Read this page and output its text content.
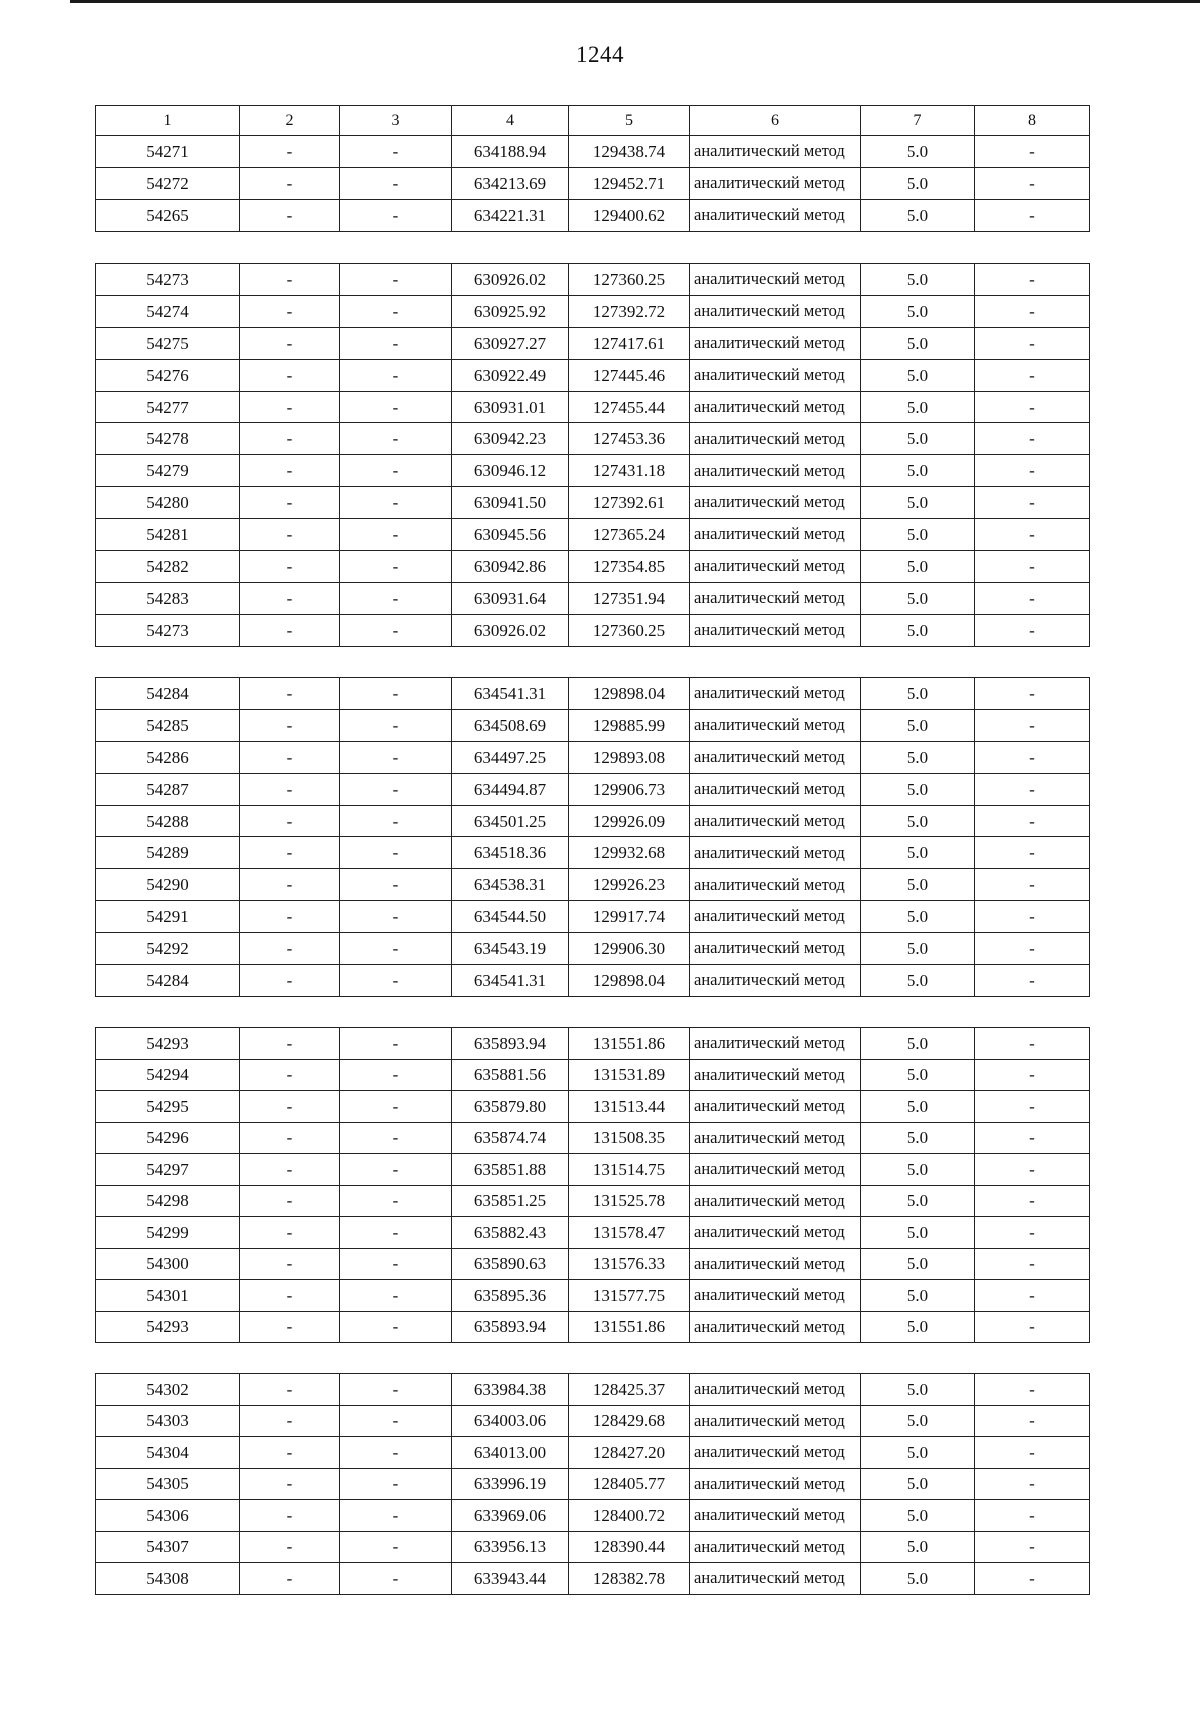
1244
1	2	3	4	5	6	7	8
54271	-	-	634188.94	129438.74	аналитический метод	5.0	-
54272	-	-	634213.69	129452.71	аналитический метод	5.0	-
54265	-	-	634221.31	129400.62	аналитический метод	5.0	-
54273	-	-	630926.02	127360.25	аналитический метод	5.0	-
54274	-	-	630925.92	127392.72	аналитический метод	5.0	-
54275	-	-	630927.27	127417.61	аналитический метод	5.0	-
54276	-	-	630922.49	127445.46	аналитический метод	5.0	-
54277	-	-	630931.01	127455.44	аналитический метод	5.0	-
54278	-	-	630942.23	127453.36	аналитический метод	5.0	-
54279	-	-	630946.12	127431.18	аналитический метод	5.0	-
54280	-	-	630941.50	127392.61	аналитический метод	5.0	-
54281	-	-	630945.56	127365.24	аналитический метод	5.0	-
54282	-	-	630942.86	127354.85	аналитический метод	5.0	-
54283	-	-	630931.64	127351.94	аналитический метод	5.0	-
54273	-	-	630926.02	127360.25	аналитический метод	5.0	-
54284	-	-	634541.31	129898.04	аналитический метод	5.0	-
54285	-	-	634508.69	129885.99	аналитический метод	5.0	-
54286	-	-	634497.25	129893.08	аналитический метод	5.0	-
54287	-	-	634494.87	129906.73	аналитический метод	5.0	-
54288	-	-	634501.25	129926.09	аналитический метод	5.0	-
54289	-	-	634518.36	129932.68	аналитический метод	5.0	-
54290	-	-	634538.31	129926.23	аналитический метод	5.0	-
54291	-	-	634544.50	129917.74	аналитический метод	5.0	-
54292	-	-	634543.19	129906.30	аналитический метод	5.0	-
54284	-	-	634541.31	129898.04	аналитический метод	5.0	-
54293	-	-	635893.94	131551.86	аналитический метод	5.0	-
54294	-	-	635881.56	131531.89	аналитический метод	5.0	-
54295	-	-	635879.80	131513.44	аналитический метод	5.0	-
54296	-	-	635874.74	131508.35	аналитический метод	5.0	-
54297	-	-	635851.88	131514.75	аналитический метод	5.0	-
54298	-	-	635851.25	131525.78	аналитический метод	5.0	-
54299	-	-	635882.43	131578.47	аналитический метод	5.0	-
54300	-	-	635890.63	131576.33	аналитический метод	5.0	-
54301	-	-	635895.36	131577.75	аналитический метод	5.0	-
54293	-	-	635893.94	131551.86	аналитический метод	5.0	-
54302	-	-	633984.38	128425.37	аналитический метод	5.0	-
54303	-	-	634003.06	128429.68	аналитический метод	5.0	-
54304	-	-	634013.00	128427.20	аналитический метод	5.0	-
54305	-	-	633996.19	128405.77	аналитический метод	5.0	-
54306	-	-	633969.06	128400.72	аналитический метод	5.0	-
54307	-	-	633956.13	128390.44	аналитический метод	5.0	-
54308	-	-	633943.44	128382.78	аналитический метод	5.0	-
